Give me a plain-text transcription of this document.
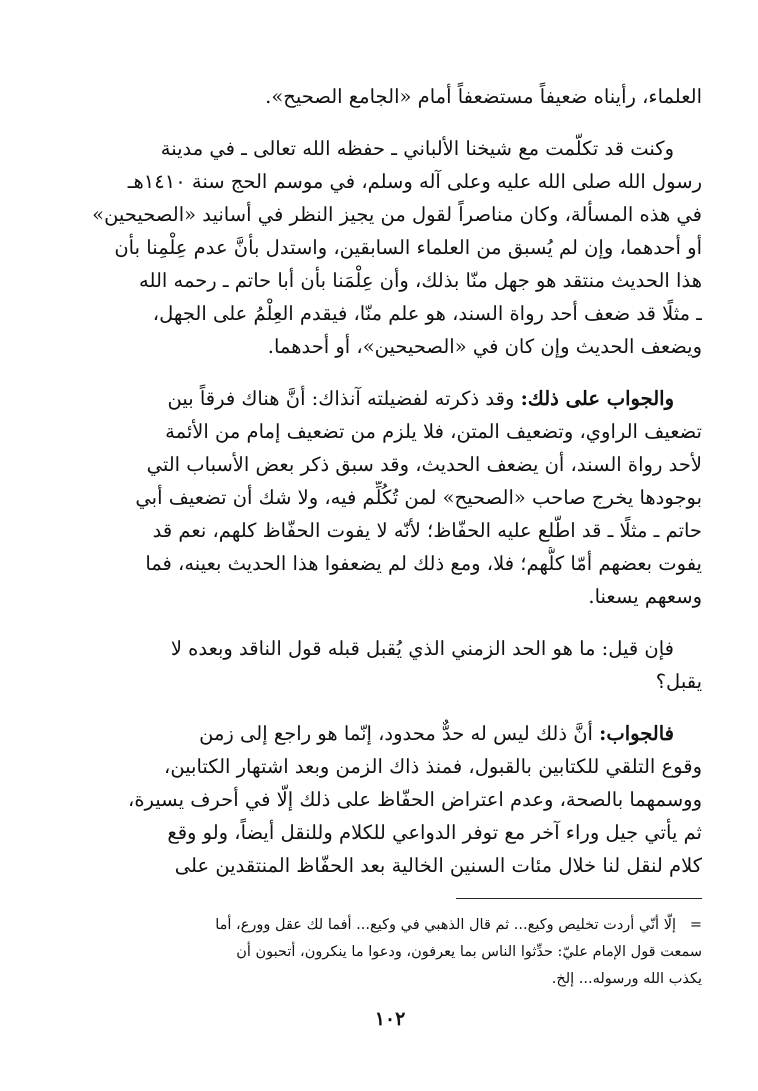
العلماء، رأيناه ضعيفاً مستضعفاً أمام «الجامع الصحيح».

وكنت قد تكلّمت مع شيخنا الألباني ـ حفظه الله تعالى ـ في مدينة
رسول الله صلى الله عليه وعلى آله وسلم، في موسم الحج سنة ١٤١٠هـ
في هذه المسألة، وكان مناصراً لقول من يجيز النظر في أسانيد «الصحيحين»
أو أحدهما، وإن لم يُسبق من العلماء السابقين، واستدل بأنَّ عدم عِلْمِنا بأن
هذا الحديث منتقد هو جهل منّا بذلك، وأن عِلْمَنا بأن أبا حاتم ـ رحمه الله
ـ مثلًا قد ضعف أحد رواة السند، هو علم منّا، فيقدم العِلْمُ على الجهل،
ويضعف الحديث وإن كان في «الصحيحين»، أو أحدهما.

والجواب على ذلك: وقد ذكرته لفضيلته آنذاك: أنَّ هناك فرقاً بين
تضعيف الراوي، وتضعيف المتن، فلا يلزم من تضعيف إمام من الأئمة
لأحد رواة السند، أن يضعف الحديث، وقد سبق ذكر بعض الأسباب التي
بوجودها يخرج صاحب «الصحيح» لمن تُكُلِّم فيه، ولا شك أن تضعيف أبي
حاتم ـ مثلًا ـ قد اطّلع عليه الحفّاظ؛ لأنّه لا يفوت الحفّاظ كلهم، نعم قد
يفوت بعضهم أمّا كلُّهم؛ فلا، ومع ذلك لم يضعفوا هذا الحديث بعينه، فما
وسعهم يسعنا.

فإن قيل: ما هو الحد الزمني الذي يُقبل قبله قول الناقد وبعده لا
يقبل؟

فالجواب: أنَّ ذلك ليس له حدٌّ محدود، إنّما هو راجع إلى زمن
وقوع التلقي للكتابين بالقبول، فمنذ ذاك الزمن وبعد اشتهار الكتابين،
ووسمهما بالصحة، وعدم اعتراض الحفّاظ على ذلك إلّا في أحرف يسيرة،
ثم يأتي جيل وراء آخر مع توفر الدواعي للكلام وللنقل أيضاً، ولو وقع
كلام لنقل لنا خلال مئات السنين الخالية بعد الحفّاظ المنتقدين على

=إلّا أنّي أردت تخليص وكيع... ثم قال الذهبي في وكيع... أفما لك عقل وورع، أما
سمعت قول الإمام عليّ: حدِّثوا الناس بما يعرفون، ودعوا ما ينكرون، أتحبون أن
يكذب الله ورسوله... إلخ.
١٠٢
